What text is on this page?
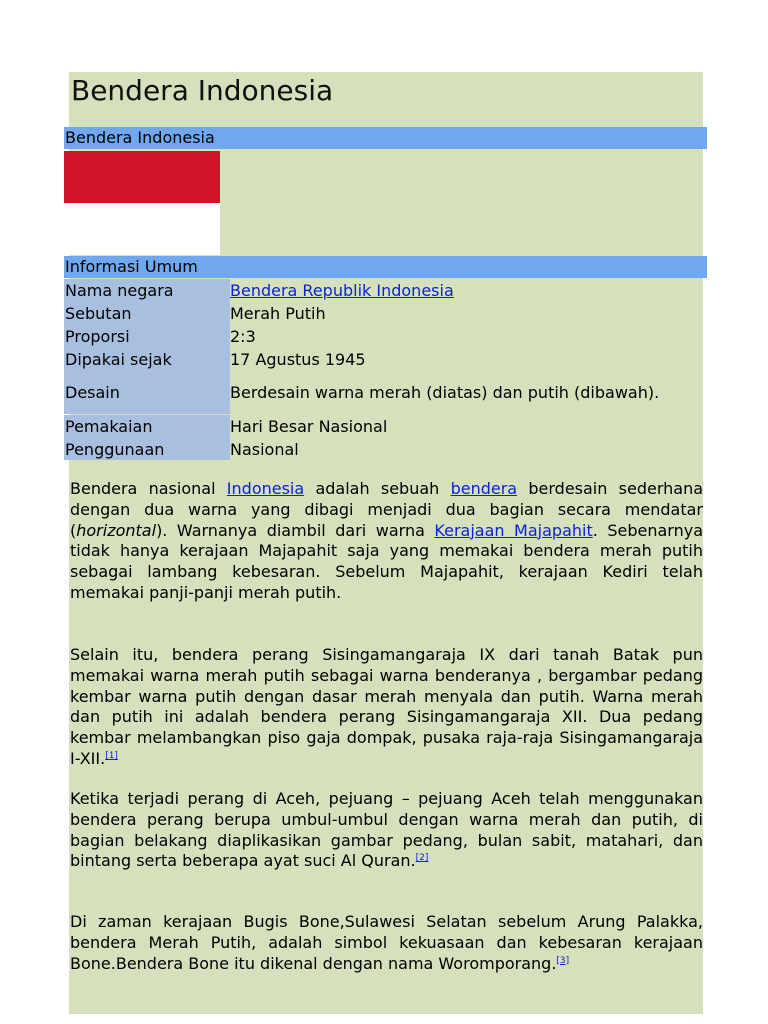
Bendera Indonesia
Bendera Indonesia
Informasi Umum
Nama negara	Bendera Republik Indonesia
Sebutan	Merah Putih
Proporsi	2:3
Dipakai sejak	17 Agustus 1945
Desain	Berdesain warna merah (diatas) dan putih (dibawah).
Pemakaian	Hari Besar Nasional
Penggunaan	Nasional

Bendera nasional Indonesia adalah sebuah bendera berdesain sederhana dengan dua warna yang dibagi menjadi dua bagian secara mendatar (horizontal). Warnanya diambil dari warna Kerajaan Majapahit. Sebenarnya tidak hanya kerajaan Majapahit saja yang memakai bendera merah putih sebagai lambang kebesaran. Sebelum Majapahit, kerajaan Kediri telah memakai panji-panji merah putih.

Selain itu, bendera perang Sisingamangaraja IX dari tanah Batak pun memakai warna merah putih sebagai warna benderanya , bergambar pedang kembar warna putih dengan dasar merah menyala dan putih. Warna merah dan putih ini adalah bendera perang Sisingamangaraja XII. Dua pedang kembar melambangkan piso gaja dompak, pusaka raja-raja Sisingamangaraja I-XII.[1]

Ketika terjadi perang di Aceh, pejuang – pejuang Aceh telah menggunakan bendera perang berupa umbul-umbul dengan warna merah dan putih, di bagian belakang diaplikasikan gambar pedang, bulan sabit, matahari, dan bintang serta beberapa ayat suci Al Quran.[2]

Di zaman kerajaan Bugis Bone,Sulawesi Selatan sebelum Arung Palakka, bendera Merah Putih, adalah simbol kekuasaan dan kebesaran kerajaan Bone.Bendera Bone itu dikenal dengan nama Woromporang.[3]
